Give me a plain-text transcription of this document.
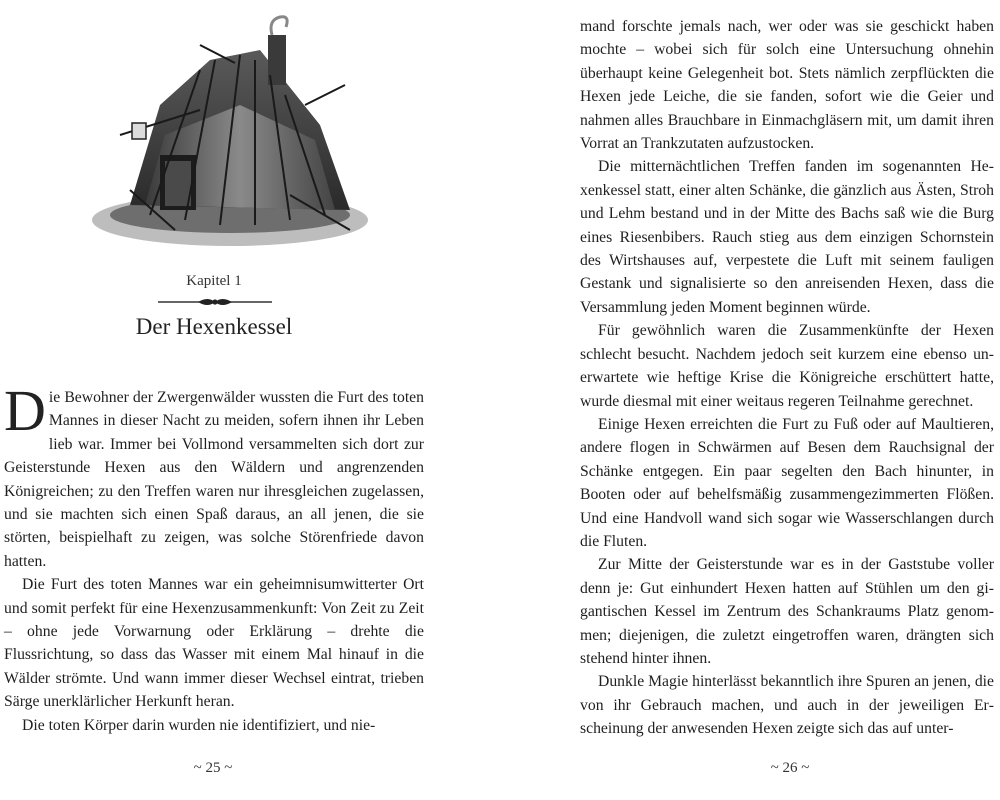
Kapitel 1
Der Hexenkessel

Die Bewohner der Zwergenwälder wussten die Furt des toten Mannes in dieser Nacht zu meiden, sofern ihnen ihr Leben lieb war. Immer bei Vollmond versammelten sich dort zur Geisterstunde Hexen aus den Wäldern und angrenzenden Königreichen; zu den Treffen waren nur ihresgleichen zugelassen, und sie machten sich einen Spaß daraus, an all jenen, die sie störten, beispielhaft zu zeigen, was solche Störenfriede davon hatten.

Die Furt des toten Mannes war ein geheimnisumwitterter Ort und somit perfekt für eine Hexenzusammenkunft: Von Zeit zu Zeit – ohne jede Vorwarnung oder Erklärung – drehte die Flussrichtung, so dass das Wasser mit einem Mal hinauf in die Wälder strömte. Und wann immer dieser Wechsel eintrat, trieben Särge unerklärlicher Herkunft heran.

Die toten Körper darin wurden nie identifiziert, und nie-

~ 25 ~

mand forschte jemals nach, wer oder was sie geschickt haben mochte – wobei sich für solch eine Untersuchung ohnehin überhaupt keine Gelegenheit bot. Stets nämlich zerpflückten die Hexen jede Leiche, die sie fanden, sofort wie die Geier und nahmen alles Brauchbare in Einmachgläsern mit, um damit ihren Vorrat an Trankzutaten aufzustocken.

Die mitternächtlichen Treffen fanden im sogenannten Hexenkessel statt, einer alten Schänke, die gänzlich aus Ästen, Stroh und Lehm bestand und in der Mitte des Bachs saß wie die Burg eines Riesenbibers. Rauch stieg aus dem einzigen Schornstein des Wirtshauses auf, verpestete die Luft mit seinem fauligen Gestank und signalisierte so den anreisenden Hexen, dass die Versammlung jeden Moment beginnen würde.

Für gewöhnlich waren die Zusammenkünfte der Hexen schlecht besucht. Nachdem jedoch seit kurzem eine ebenso unerwartete wie heftige Krise die Königreiche erschüttert hatte, wurde diesmal mit einer weitaus regeren Teilnahme gerechnet.

Einige Hexen erreichten die Furt zu Fuß oder auf Maultieren, andere flogen in Schwärmen auf Besen dem Rauchsignal der Schänke entgegen. Ein paar segelten den Bach hinunter, in Booten oder auf behelfsmäßig zusammengezimmerten Flößen. Und eine Handvoll wand sich sogar wie Wasserschlangen durch die Fluten.

Zur Mitte der Geisterstunde war es in der Gaststube voller denn je: Gut einhundert Hexen hatten auf Stühlen um den gigantischen Kessel im Zentrum des Schankraums Platz genommen; diejenigen, die zuletzt eingetroffen waren, drängten sich stehend hinter ihnen.

Dunkle Magie hinterlässt bekanntlich ihre Spuren an jenen, die von ihr Gebrauch machen, und auch in der jeweiligen Erscheinung der anwesenden Hexen zeigte sich das auf unter-

~ 26 ~
